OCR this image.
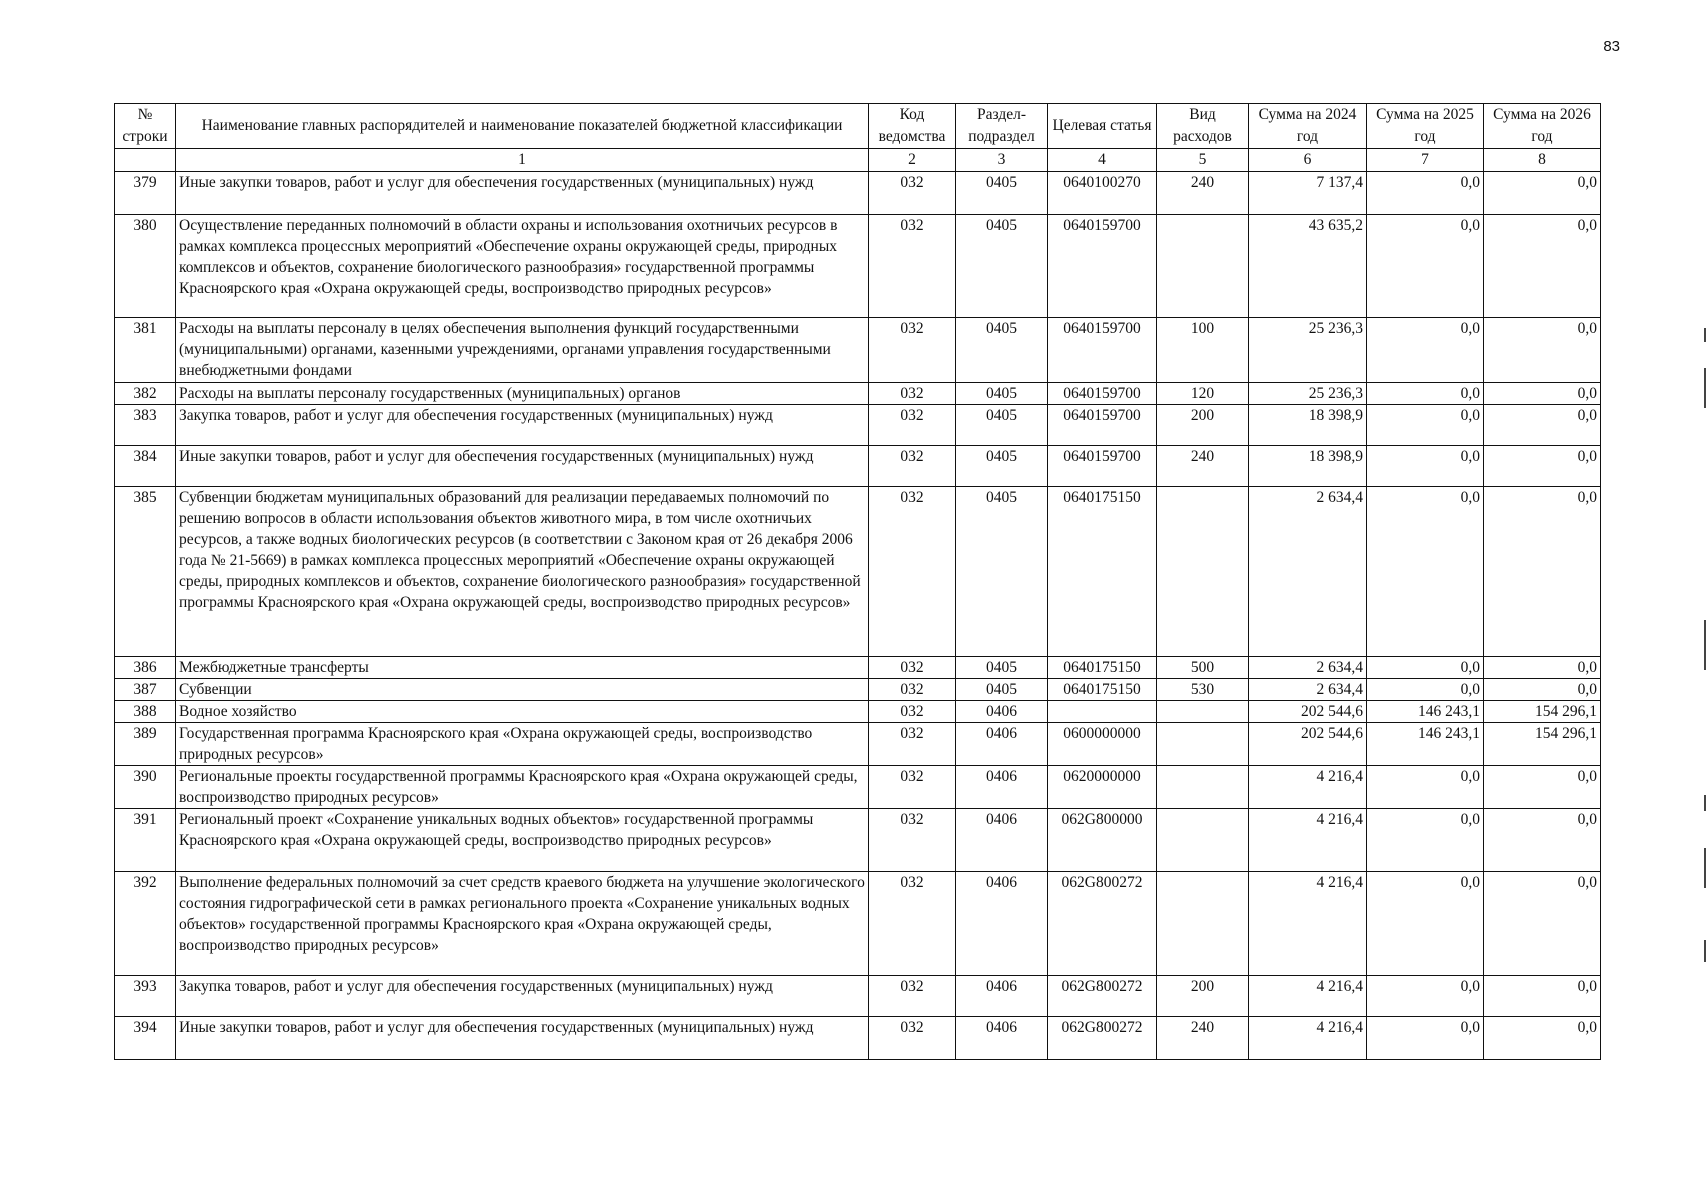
83
№ строки	Наименование главных распорядителей и наименование показателей бюджетной классификации	Код ведомства	Раздел-подраздел	Целевая статья	Вид расходов	Сумма на 2024 год	Сумма на 2025 год	Сумма на 2026 год
	1	2	3	4	5	6	7	8
379	Иные закупки товаров, работ и услуг для обеспечения государственных (муниципальных) нужд	032	0405	0640100270	240	7 137,4	0,0	0,0
380	Осуществление переданных полномочий в области охраны и использования охотничьих ресурсов в рамках комплекса процессных мероприятий «Обеспечение охраны окружающей среды, природных комплексов и объектов, сохранение биологического разнообразия» государственной программы Красноярского края «Охрана окружающей среды, воспроизводство природных ресурсов»	032	0405	0640159700		43 635,2	0,0	0,0
381	Расходы на выплаты персоналу в целях обеспечения выполнения функций государственными (муниципальными) органами, казенными учреждениями, органами управления государственными внебюджетными фондами	032	0405	0640159700	100	25 236,3	0,0	0,0
382	Расходы на выплаты персоналу государственных (муниципальных) органов	032	0405	0640159700	120	25 236,3	0,0	0,0
383	Закупка товаров, работ и услуг для обеспечения государственных (муниципальных) нужд	032	0405	0640159700	200	18 398,9	0,0	0,0
384	Иные закупки товаров, работ и услуг для обеспечения государственных (муниципальных) нужд	032	0405	0640159700	240	18 398,9	0,0	0,0
385	Субвенции бюджетам муниципальных образований для реализации передаваемых полномочий по решению вопросов в области использования объектов животного мира, в том числе охотничьих ресурсов, а также водных биологических ресурсов (в соответствии с Законом края от 26 декабря 2006 года № 21-5669) в рамках комплекса процессных мероприятий «Обеспечение охраны окружающей среды, природных комплексов и объектов, сохранение биологического разнообразия» государственной программы Красноярского края «Охрана окружающей среды, воспроизводство природных ресурсов»	032	0405	0640175150		2 634,4	0,0	0,0
386	Межбюджетные трансферты	032	0405	0640175150	500	2 634,4	0,0	0,0
387	Субвенции	032	0405	0640175150	530	2 634,4	0,0	0,0
388	Водное хозяйство	032	0406			202 544,6	146 243,1	154 296,1
389	Государственная программа Красноярского края «Охрана окружающей среды, воспроизводство природных ресурсов»	032	0406	0600000000		202 544,6	146 243,1	154 296,1
390	Региональные проекты государственной программы Красноярского края «Охрана окружающей среды, воспроизводство природных ресурсов»	032	0406	0620000000		4 216,4	0,0	0,0
391	Региональный проект «Сохранение уникальных водных объектов» государственной программы Красноярского края «Охрана окружающей среды, воспроизводство природных ресурсов»	032	0406	062G800000		4 216,4	0,0	0,0
392	Выполнение федеральных полномочий за счет средств краевого бюджета на улучшение экологического состояния гидрографической сети в рамках регионального проекта «Сохранение уникальных водных объектов» государственной программы Красноярского края «Охрана окружающей среды, воспроизводство природных ресурсов»	032	0406	062G800272		4 216,4	0,0	0,0
393	Закупка товаров, работ и услуг для обеспечения государственных (муниципальных) нужд	032	0406	062G800272	200	4 216,4	0,0	0,0
394	Иные закупки товаров, работ и услуг для обеспечения государственных (муниципальных) нужд	032	0406	062G800272	240	4 216,4	0,0	0,0
